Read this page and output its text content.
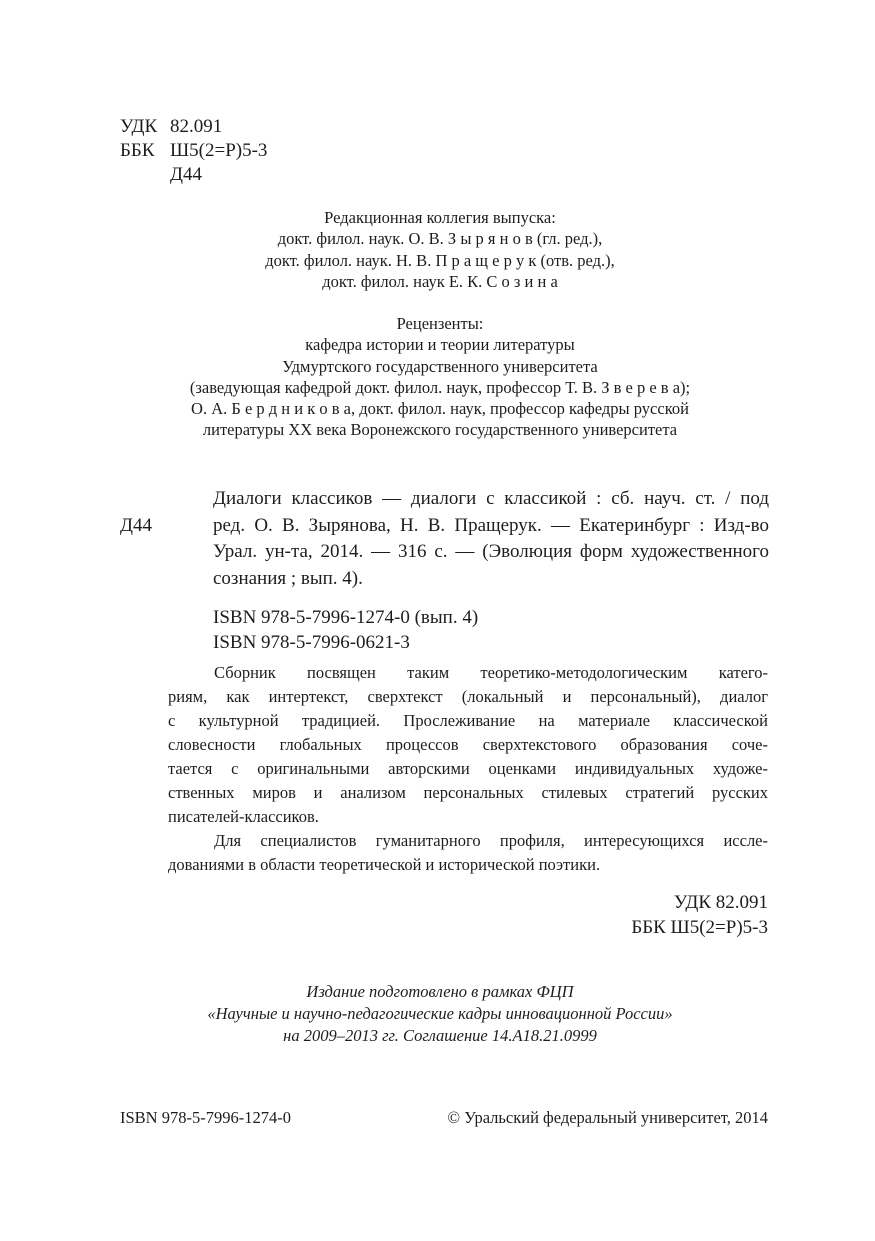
УДК 82.091
ББК Ш5(2=Р)5-3
Д44
Редакционная коллегия выпуска:
докт. филол. наук. О. В. З ы р я н о в (гл. ред.),
докт. филол. наук. Н. В. П р а щ е р у к (отв. ред.),
докт. филол. наук Е. К. С о з и н а
Рецензенты:
кафедра истории и теории литературы
Удмуртского государственного университета
(заведующая кафедрой докт. филол. наук, профессор Т. В. З в е р е в а);
О. А. Б е р д н и к о в а, докт. филол. наук, профессор кафедры русской
литературы XX века Воронежского государственного университета
Д44
Диалоги классиков — диалоги с классикой : сб. науч. ст. / под
ред. О. В. Зырянова, Н. В. Пращерук. — Екатеринбург : Изд-во
Урал. ун-та, 2014. — 316 с. — (Эволюция форм художественного
сознания ; вып. 4).
ISBN 978-5-7996-1274-0 (вып. 4)
ISBN 978-5-7996-0621-3
Сборник посвящен таким теоретико-методологическим катего-
риям, как интертекст, сверхтекст (локальный и персональный), диалог
с культурной традицией. Прослеживание на материале классической
словесности глобальных процессов сверхтекстового образования соче-
тается с оригинальными авторскими оценками индивидуальных художе-
ственных миров и анализом персональных стилевых стратегий русских
писателей-классиков.
Для специалистов гуманитарного профиля, интересующихся иссле-
дованиями в области теоретической и исторической поэтики.
УДК 82.091
ББК Ш5(2=Р)5-3
Издание подготовлено в рамках ФЦП
«Научные и научно-педагогические кадры инновационной России»
на 2009–2013 гг. Соглашение 14.А18.21.0999
ISBN 978-5-7996-1274-0	© Уральский федеральный университет, 2014
